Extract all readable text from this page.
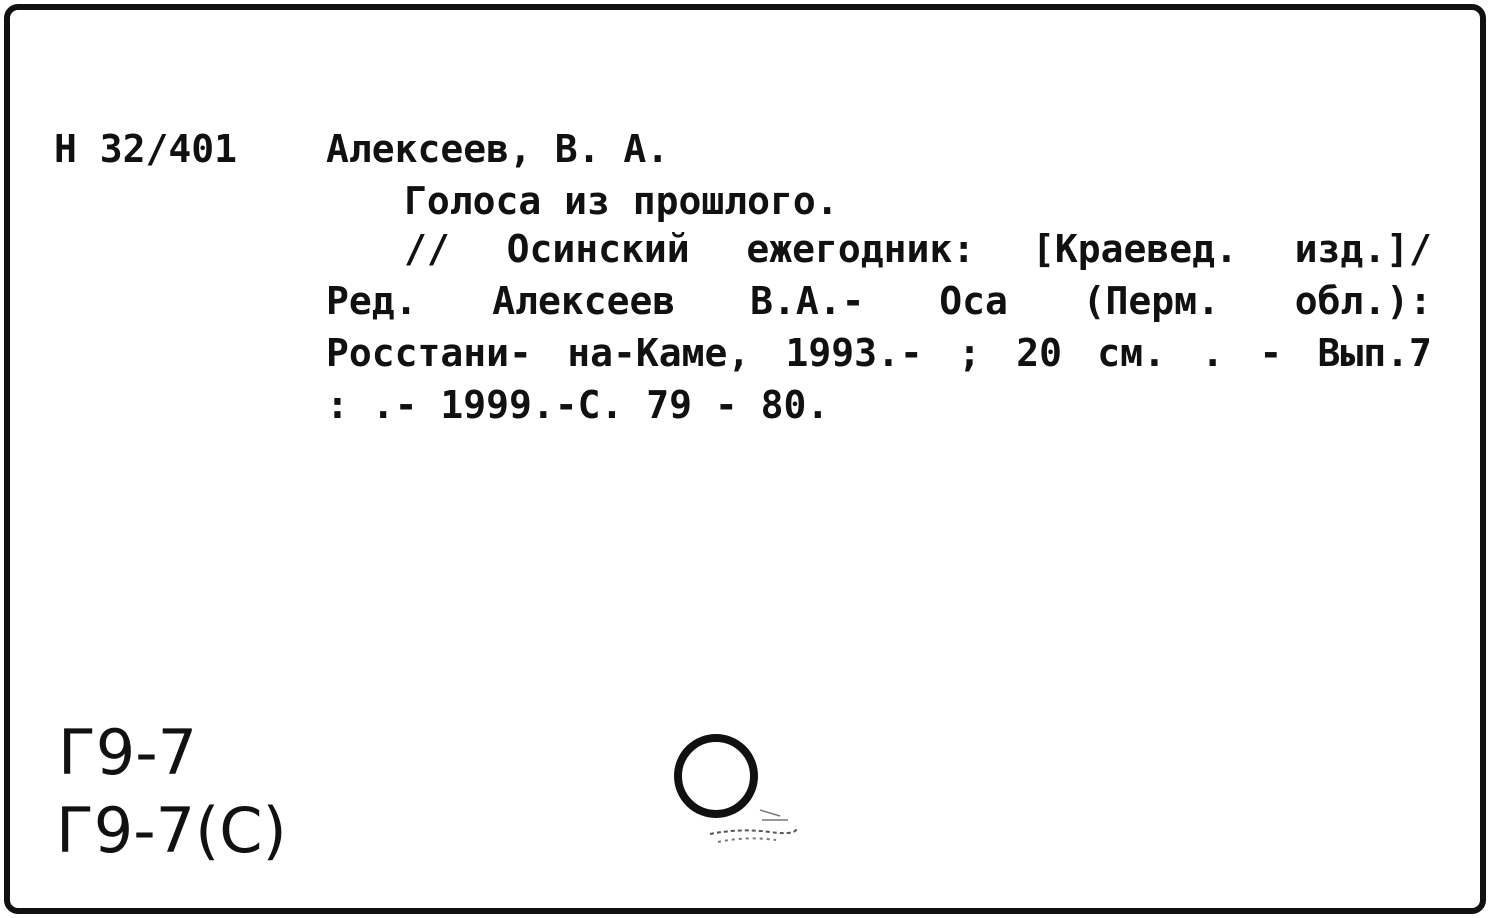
Н 32/401 Алексеев, В. А.
Голоса из прошлого.
// Осинский ежегодник: [Краевед. изд.]/
Ред. Алексеев В.А.- Оса (Перм. обл.):
Росстани- на-Каме, 1993.- ; 20 см. . - Вып.7
: .- 1999.-С. 79 - 80.
Г9-7
Г9-7(С)
